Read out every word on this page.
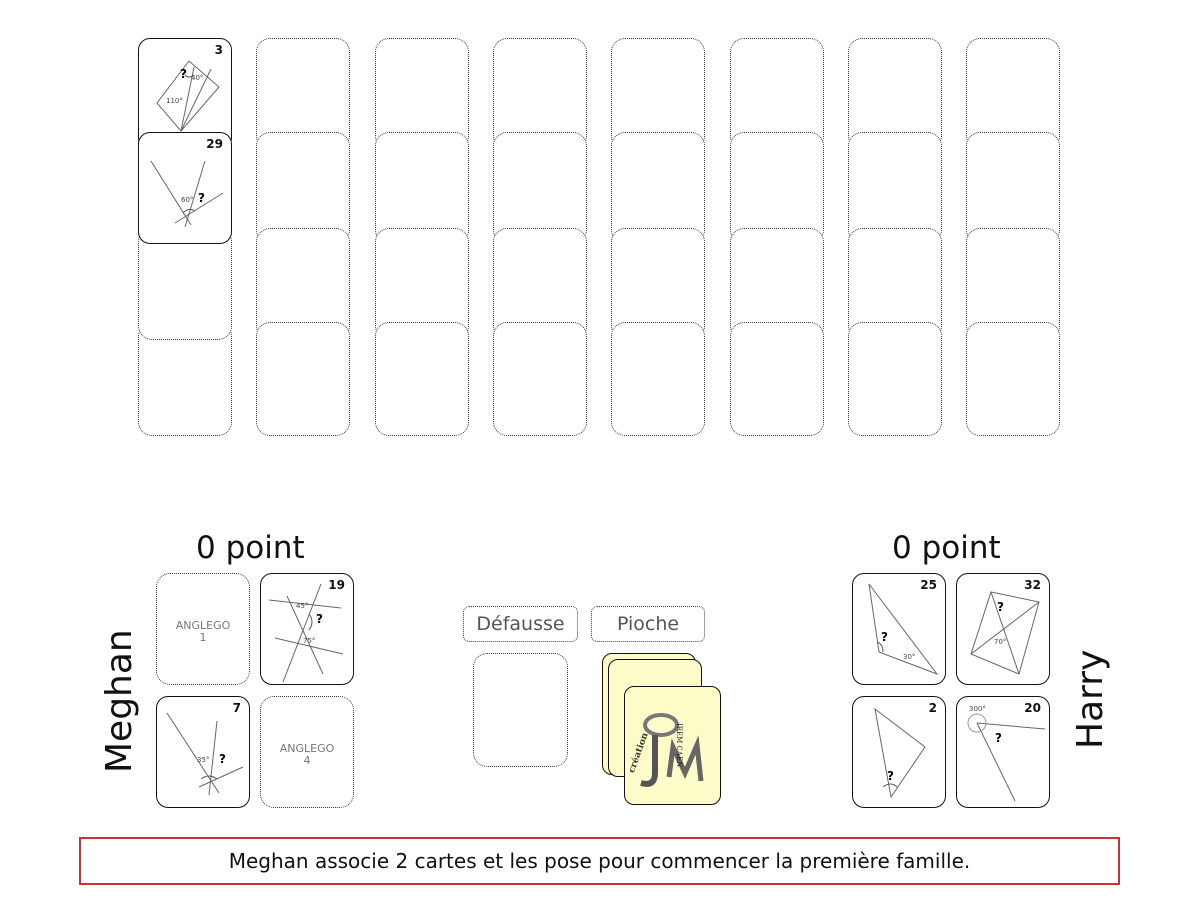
3
? 40°
110°
29
60° ?
0 point
Meghan
ANGLEGO
1
19
45°
?
75°
7
35° ?
ANGLEGO
4
Défausse	Pioche
IREM CAEN
création
0 point
Harry
25
?
30°
32
?
70°
2
?
20
300°
?
Meghan associe 2 cartes et les pose pour commencer la première famille.
